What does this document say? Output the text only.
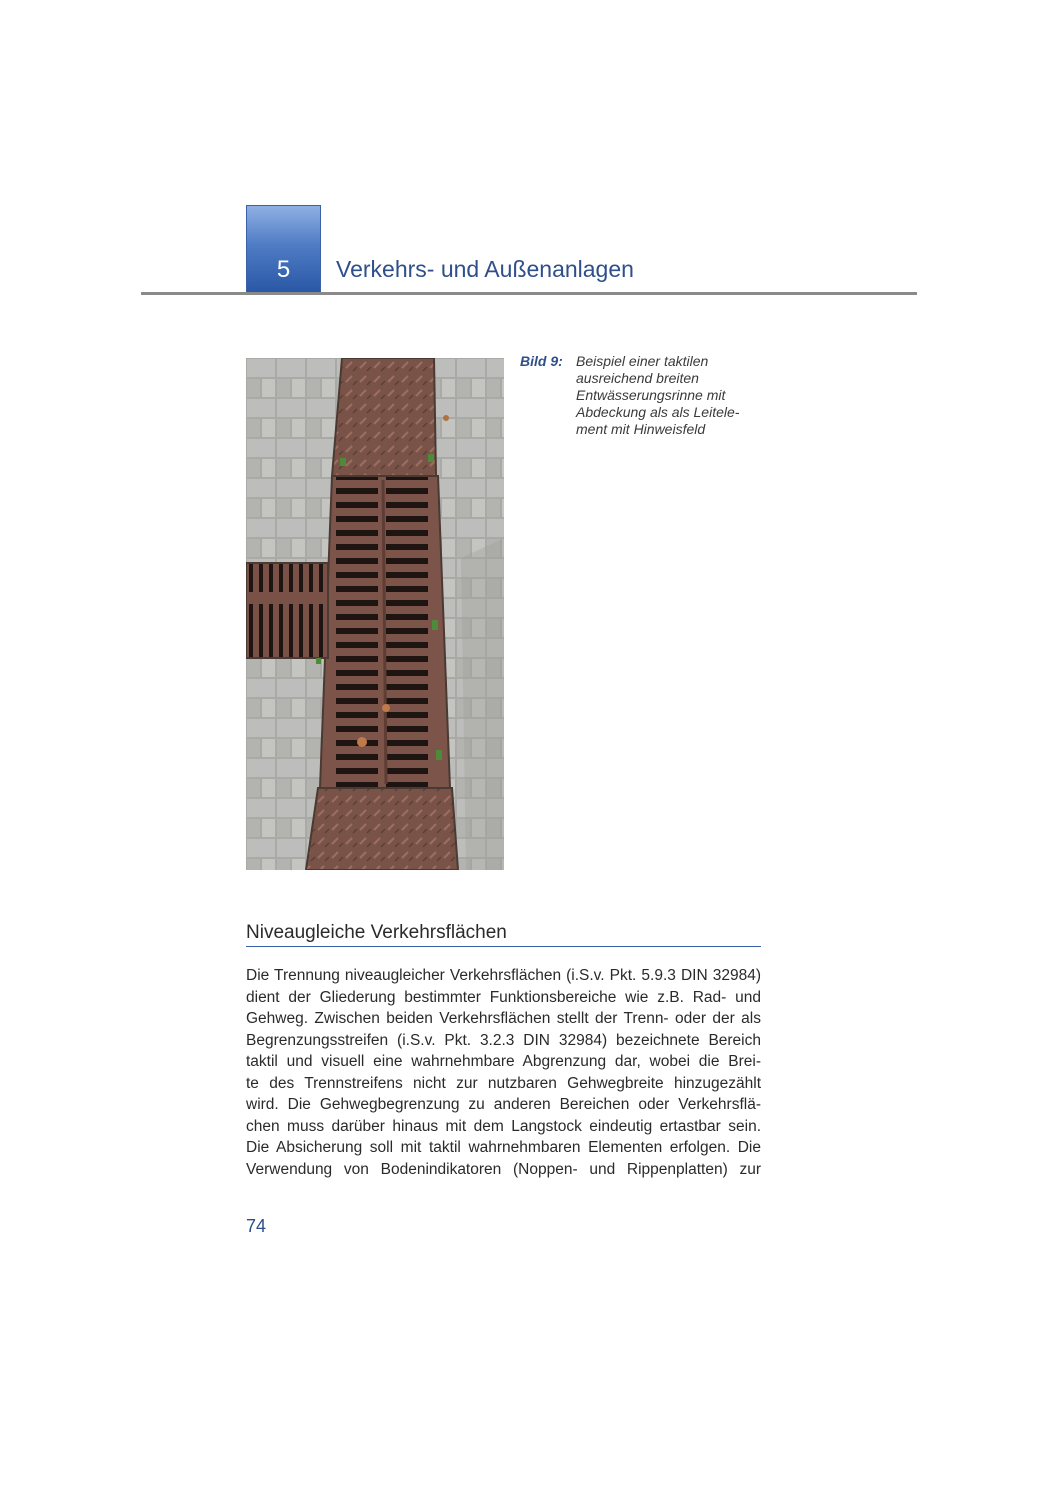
5	Verkehrs- und Außenanlagen
Bild 9: Beispiel einer taktilen
ausreichend breiten
Entwässerungsrinne mit
Abdeckung als als Leitele-
ment mit Hinweisfeld
Niveaugleiche Verkehrsflächen
Die Trennung niveaugleicher Verkehrsflächen (i.S.v. Pkt. 5.9.3 DIN 32984)
dient der Gliederung bestimmter Funktionsbereiche wie z.B. Rad- und
Gehweg. Zwischen beiden Verkehrsflächen stellt der Trenn- oder der als
Begrenzungsstreifen (i.S.v. Pkt. 3.2.3 DIN 32984) bezeichnete Bereich
taktil und visuell eine wahrnehmbare Abgrenzung dar, wobei die Brei-
te des Trennstreifens nicht zur nutzbaren Gehwegbreite hinzugezählt
wird. Die Gehwegbegrenzung zu anderen Bereichen oder Verkehrsflä-
chen muss darüber hinaus mit dem Langstock eindeutig ertastbar sein.
Die Absicherung soll mit taktil wahrnehmbaren Elementen erfolgen. Die
Verwendung von Bodenindikatoren (Noppen- und Rippenplatten) zur
74
